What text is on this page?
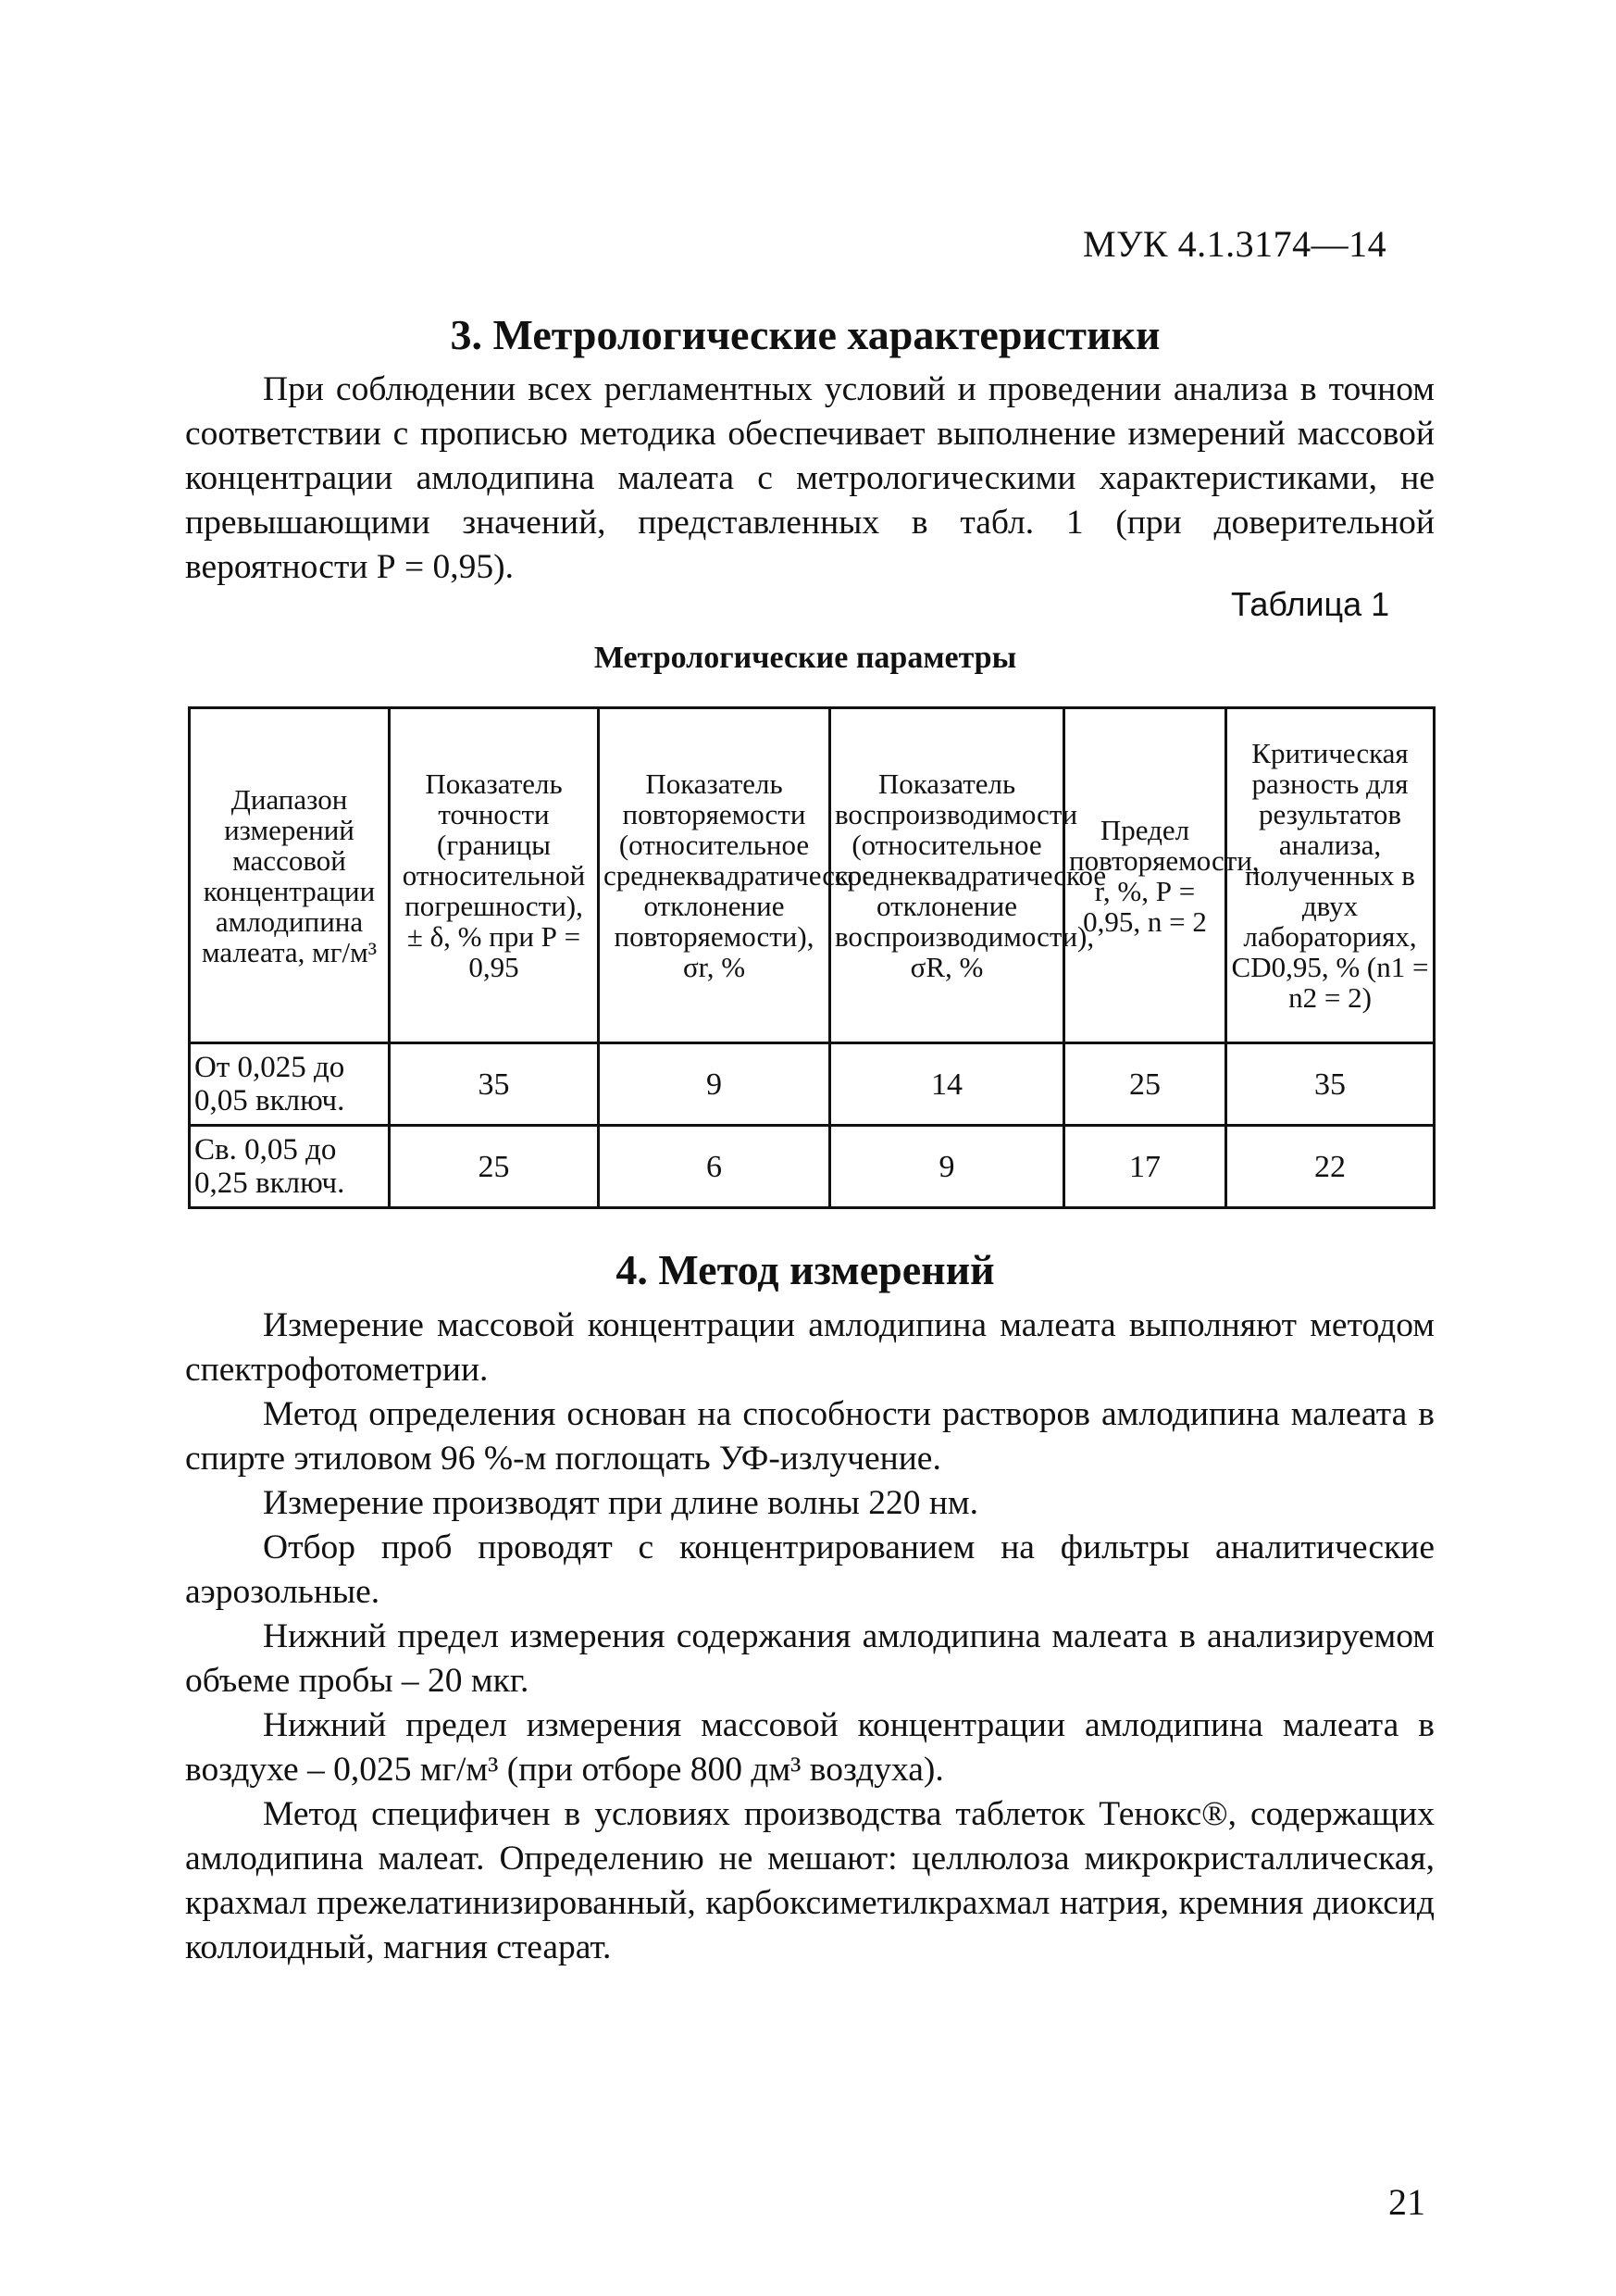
МУК 4.1.3174—14
3. Метрологические характеристики

При соблюдении всех регламентных условий и проведении анализа в точном соответствии с прописью методика обеспечивает выполнение измерений массовой концентрации амлодипина малеата с метрологическими характеристиками, не превышающими значений, представленных в табл. 1 (при доверительной вероятности Р = 0,95).

Таблица 1
Метрологические параметры
Диапазон измерений массовой концентрации амлодипина малеата, мг/м³	Показатель точности (границы относительной погрешности), ± δ, % при Р = 0,95	Показатель повторяемости (относительное среднеквадратическое отклонение повторяемости), σr, %	Показатель воспроизводимости (относительное среднеквадратическое отклонение воспроизводимости), σR, %	Предел повторяемости, r, %, Р = 0,95, n = 2	Критическая разность для результатов анализа, полученных в двух лабораториях, CD0,95, % (n1 = n2 = 2)
От 0,025 до 0,05 включ.	35	9	14	25	35
Св. 0,05 до 0,25 включ.	25	6	9	17	22
4. Метод измерений

Измерение массовой концентрации амлодипина малеата выполняют методом спектрофотометрии.

Метод определения основан на способности растворов амлодипина малеата в спирте этиловом 96 %-м поглощать УФ-излучение.

Измерение производят при длине волны 220 нм.

Отбор проб проводят с концентрированием на фильтры аналитические аэрозольные.

Нижний предел измерения содержания амлодипина малеата в анализируемом объеме пробы – 20 мкг.

Нижний предел измерения массовой концентрации амлодипина малеата в воздухе – 0,025 мг/м³ (при отборе 800 дм³ воздуха).

Метод специфичен в условиях производства таблеток Тенокс®, содержащих амлодипина малеат. Определению не мешают: целлюлоза микрокристаллическая, крахмал прежелатинизированный, карбоксиметилкрахмал натрия, кремния диоксид коллоидный, магния стеарат.

21
